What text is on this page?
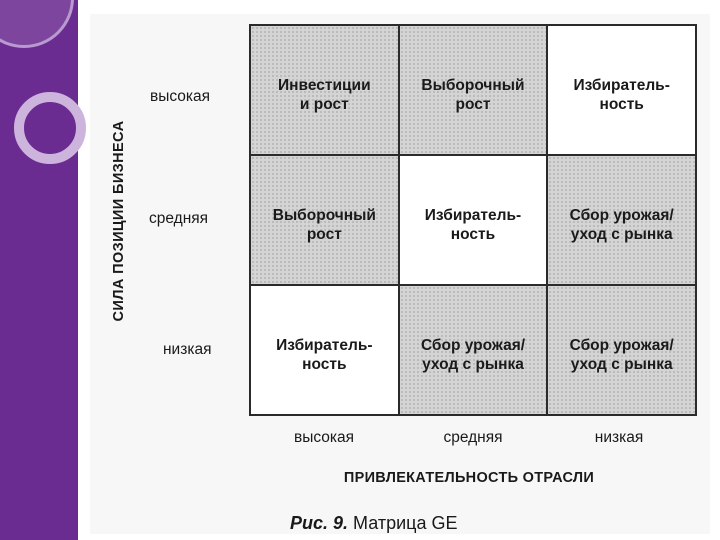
СИЛА ПОЗИЦИИ БИЗНЕСА
высокая
средняя
низкая
Инвестиции
и рост
Выборочный
рост
Избиратель-
ность
Выборочный
рост
Избиратель-
ность
Сбор урожая/
уход с рынка
Избиратель-
ность
Сбор урожая/
уход с рынка
Сбор урожая/
уход с рынка
высокая	средняя	низкая
ПРИВЛЕКАТЕЛЬНОСТЬ ОТРАСЛИ
Рис. 9. Матрица GE
